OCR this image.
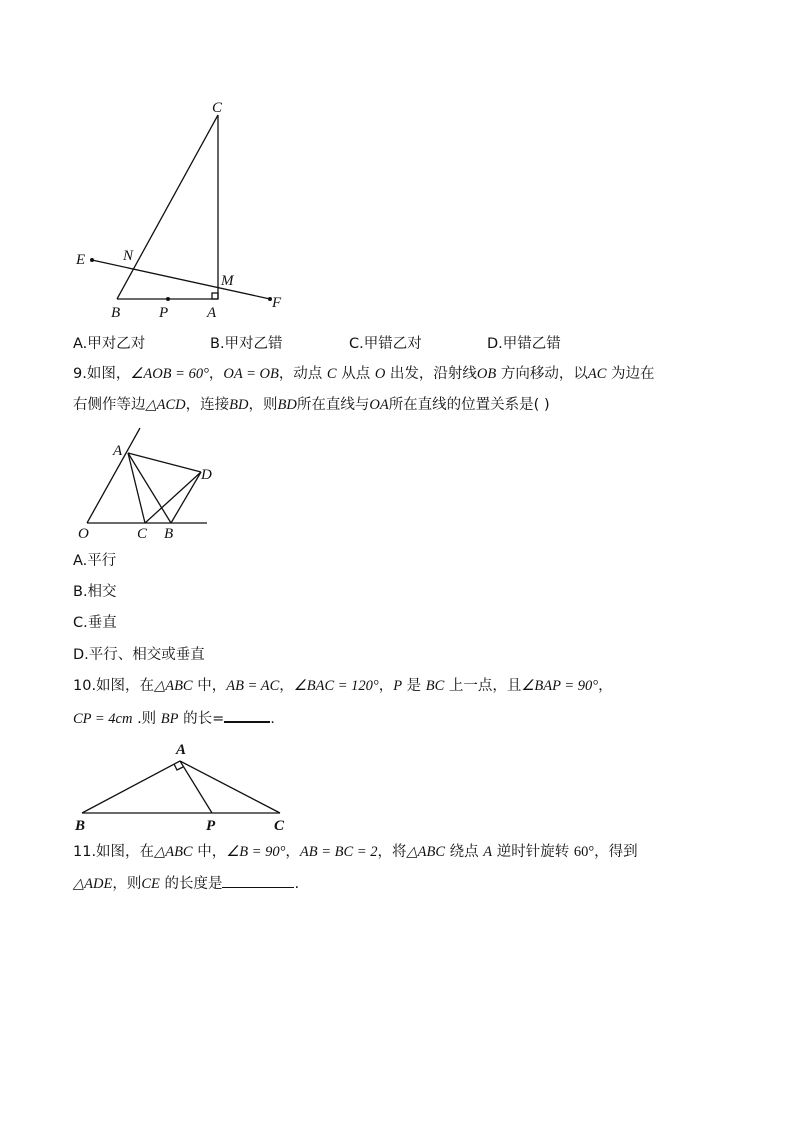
C
E	N
M
F
B	P	A
A.甲对乙对	B.甲对乙错	C.甲错乙对	D.甲错乙错
9.如图，∠AOB = 60°，OA = OB，动点 C 从点 O 出发，沿射线OB 方向移动，以AC 为边在
右侧作等边△ACD，连接BD，则BD所在直线与OA所在直线的位置关系是( )
A
D
O	C B
A.平行
B.相交
C.垂直
D.平行、相交或垂直
10.如图，在△ABC 中，AB = AC，∠BAC = 120°，P 是 BC 上一点，且∠BAP = 90°，
CP = 4cm .则 BP 的长=	.
A
B	P	C
11.如图，在△ABC 中，∠B = 90°，AB = BC = 2，将△ABC 绕点 A 逆时针旋转 60°，得到
△ADE，则CE 的长度是	.
